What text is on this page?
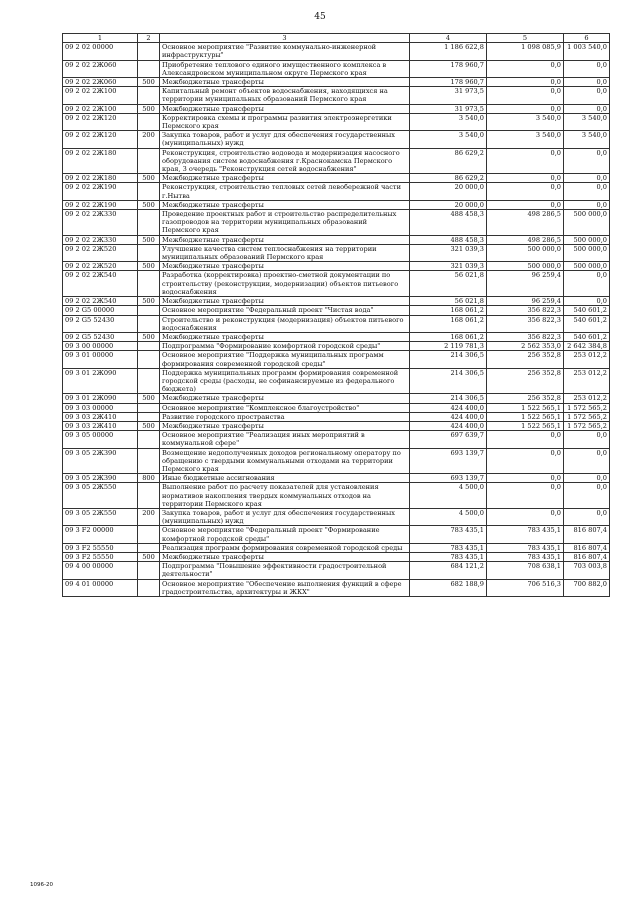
45
1	2	3	4	5	6
09 2 02 00000		Основное мероприятие "Развитие коммунально-инженерной инфраструктуры"	1 186 622,8	1 098 085,9	1 003 540,0
09 2 02 2Ж060		Приобретение теплового единого имущественного комплекса в Александровском муниципальном округе Пермского края	178 960,7	0,0	0,0
09 2 02 2Ж060	500	Межбюджетные трансферты	178 960,7	0,0	0,0
09 2 02 2Ж100		Капитальный ремонт объектов водоснабжения, находящихся на территории муниципальных образований Пермского края	31 973,5	0,0	0,0
09 2 02 2Ж100	500	Межбюджетные трансферты	31 973,5	0,0	0,0
09 2 02 2Ж120		Корректировка схемы и программы развития электроэнергетики Пермского края	3 540,0	3 540,0	3 540,0
09 2 02 2Ж120	200	Закупка товаров, работ и услуг для обеспечения государственных (муниципальных) нужд	3 540,0	3 540,0	3 540,0
09 2 02 2Ж180		Реконструкция, строительство водовода и модернизация насосного оборудования систем водоснабжения г.Краснокамска Пермского края, 3 очередь "Реконструкция сетей водоснабжения"	86 629,2	0,0	0,0
09 2 02 2Ж180	500	Межбюджетные трансферты	86 629,2	0,0	0,0
09 2 02 2Ж190		Реконструкция, строительство тепловых сетей левобережной части г.Нытва	20 000,0	0,0	0,0
09 2 02 2Ж190	500	Межбюджетные трансферты	20 000,0	0,0	0,0
09 2 02 2Ж330		Проведение проектных работ и строительство распределительных газопроводов на территории муниципальных образований Пермского края	488 458,3	498 286,5	500 000,0
09 2 02 2Ж330	500	Межбюджетные трансферты	488 458,3	498 286,5	500 000,0
09 2 02 2Ж520		Улучшение качества систем теплоснабжения на территории муниципальных образований Пермского края	321 039,3	500 000,0	500 000,0
09 2 02 2Ж520	500	Межбюджетные трансферты	321 039,3	500 000,0	500 000,0
09 2 02 2Ж540		Разработка (корректировка) проектно-сметной документации по строительству (реконструкции, модернизации) объектов питьевого водоснабжения	56 021,8	96 259,4	0,0
09 2 02 2Ж540	500	Межбюджетные трансферты	56 021,8	96 259,4	0,0
09 2 G5 00000		Основное мероприятие "Федеральный проект "Чистая вода"	168 061,2	356 822,3	540 601,2
09 2 G5 52430		Строительство и реконструкция (модернизация) объектов питьевого водоснабжения	168 061,2	356 822,3	540 601,2
09 2 G5 52430	500	Межбюджетные трансферты	168 061,2	356 822,3	540 601,2
09 3 00 00000		Подпрограмма "Формирование комфортной городской среды"	2 119 781,3	2 562 353,0	2 642 384,8
09 3 01 00000		Основное мероприятие "Поддержка муниципальных программ формирования современной городской среды"	214 306,5	256 352,8	253 012,2
09 3 01 2Ж090		Поддержка муниципальных программ формирования современной городской среды (расходы, не софинансируемые из федерального бюджета)	214 306,5	256 352,8	253 012,2
09 3 01 2Ж090	500	Межбюджетные трансферты	214 306,5	256 352,8	253 012,2
09 3 03 00000		Основное мероприятие "Комплексное благоустройство"	424 400,0	1 522 565,1	1 572 565,2
09 3 03 2Ж410		Развитие городского пространства	424 400,0	1 522 565,1	1 572 565,2
09 3 03 2Ж410	500	Межбюджетные трансферты	424 400,0	1 522 565,1	1 572 565,2
09 3 05 00000		Основное мероприятие "Реализация иных мероприятий в коммунальной сфере"	697 639,7	0,0	0,0
09 3 05 2Ж390		Возмещение недополученных доходов региональному оператору по обращению с твердыми коммунальными отходами на территории Пермского края	693 139,7	0,0	0,0
09 3 05 2Ж390	800	Иные бюджетные ассигнования	693 139,7	0,0	0,0
09 3 05 2Ж550		Выполнение работ по расчету показателей для установления нормативов накопления твердых коммунальных отходов на территории Пермского края	4 500,0	0,0	0,0
09 3 05 2Ж550	200	Закупка товаров, работ и услуг для обеспечения государственных (муниципальных) нужд	4 500,0	0,0	0,0
09 3 F2 00000		Основное мероприятие "Федеральный проект "Формирование комфортной городской среды"	783 435,1	783 435,1	816 807,4
09 3 F2 55550		Реализация программ формирования современной городской среды	783 435,1	783 435,1	816 807,4
09 3 F2 55550	500	Межбюджетные трансферты	783 435,1	783 435,1	816 807,4
09 4 00 00000		Подпрограмма "Повышение эффективности градостроительной деятельности"	684 121,2	708 638,1	703 003,8
09 4 01 00000		Основное мероприятие "Обеспечение выполнения функций в сфере градостроительства, архитектуры и ЖКХ"	682 188,9	706 516,3	700 882,0
1096-20
